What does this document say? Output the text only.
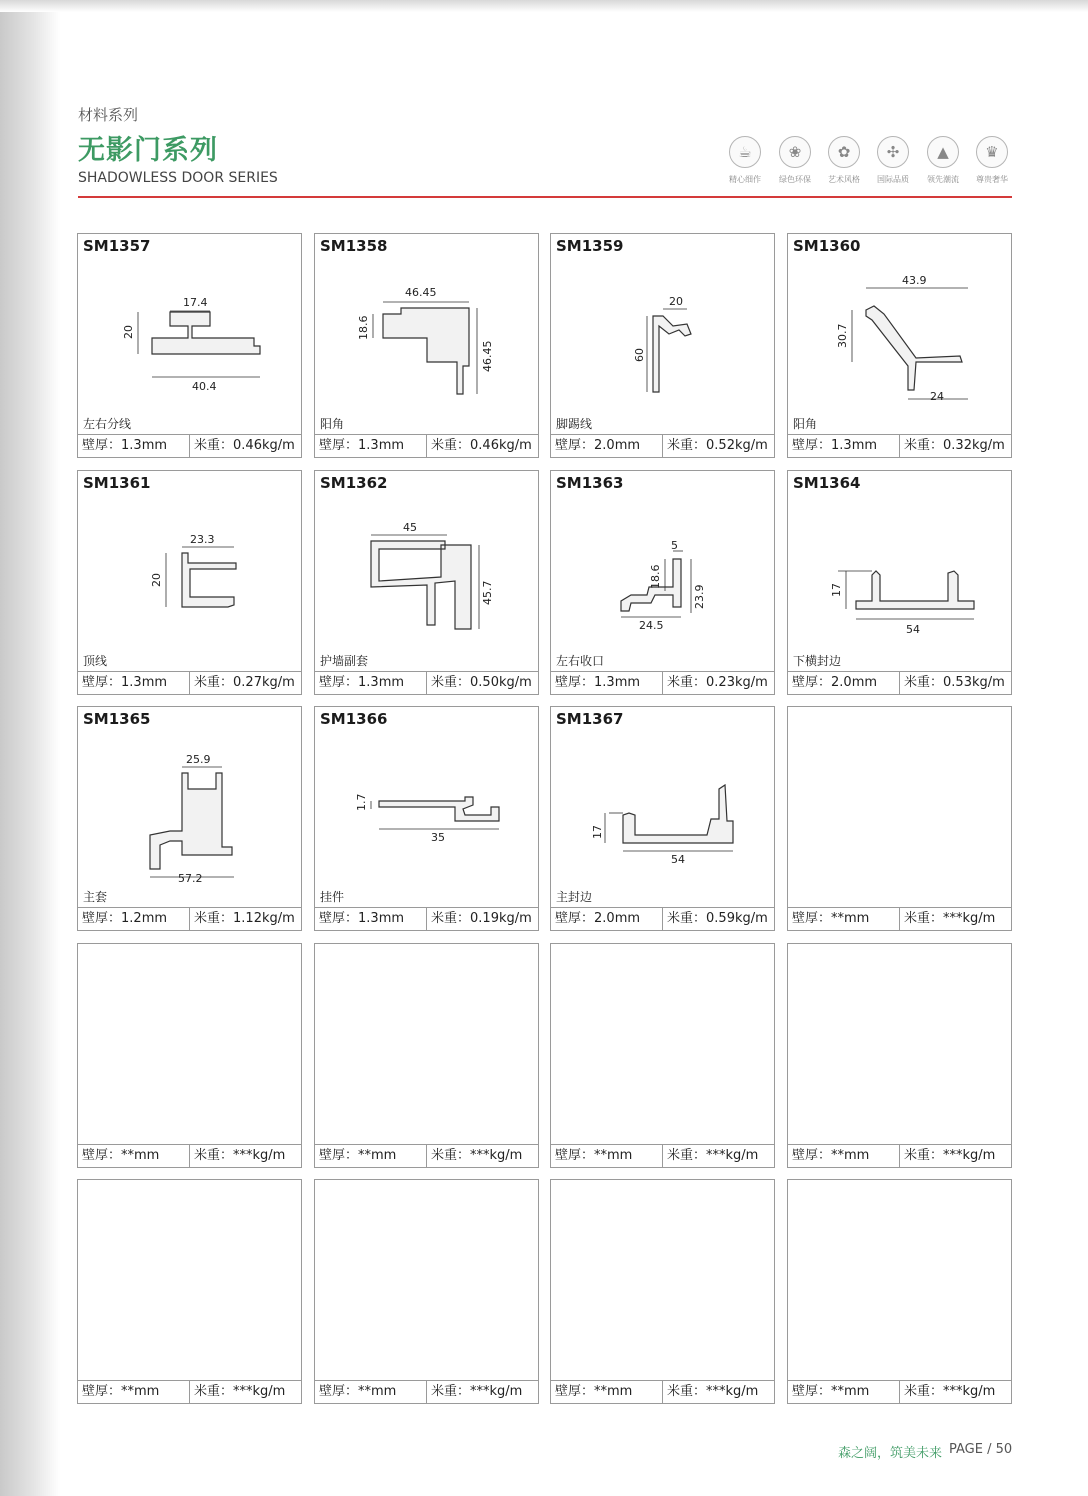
材料系列
无影门系列
SHADOWLESS DOOR SERIES
☕
精心细作
❀
绿色环保
✿
艺术风格
✣
国际品质
▲
领先潮流
♛
尊贵奢华
SM1357
17.4
20
40.4
左右分线
壁厚：1.3mm	米重：0.46kg/m
SM1358
46.45
18.6
46.45
阳角
壁厚：1.3mm	米重：0.46kg/m
SM1359
20
60
脚踢线
壁厚：2.0mm	米重：0.52kg/m
SM1360
43.9
30.7
24
阳角
壁厚：1.3mm	米重：0.32kg/m
SM1361
23.3
20
顶线
壁厚：1.3mm	米重：0.27kg/m
SM1362
45
45.7
护墙副套
壁厚：1.3mm	米重：0.50kg/m
SM1363
5
18.6
23.9
24.5
左右收口
壁厚：1.3mm	米重：0.23kg/m
SM1364
17
54
下横封边
壁厚：2.0mm	米重：0.53kg/m
SM1365
25.9
57.2
主套
壁厚：1.2mm	米重：1.12kg/m
SM1366
1.7
35
挂件
壁厚：1.3mm	米重：0.19kg/m
SM1367
17
54
主封边
壁厚：2.0mm	米重：0.59kg/m	壁厚：**mm	米重：***kg/m
壁厚：**mm	米重：***kg/m	壁厚：**mm	米重：***kg/m	壁厚：**mm	米重：***kg/m	壁厚：**mm	米重：***kg/m
壁厚：**mm	米重：***kg/m	壁厚：**mm	米重：***kg/m	壁厚：**mm	米重：***kg/m	壁厚：**mm	米重：***kg/m
森之阔，筑美未来 PAGE / 50
